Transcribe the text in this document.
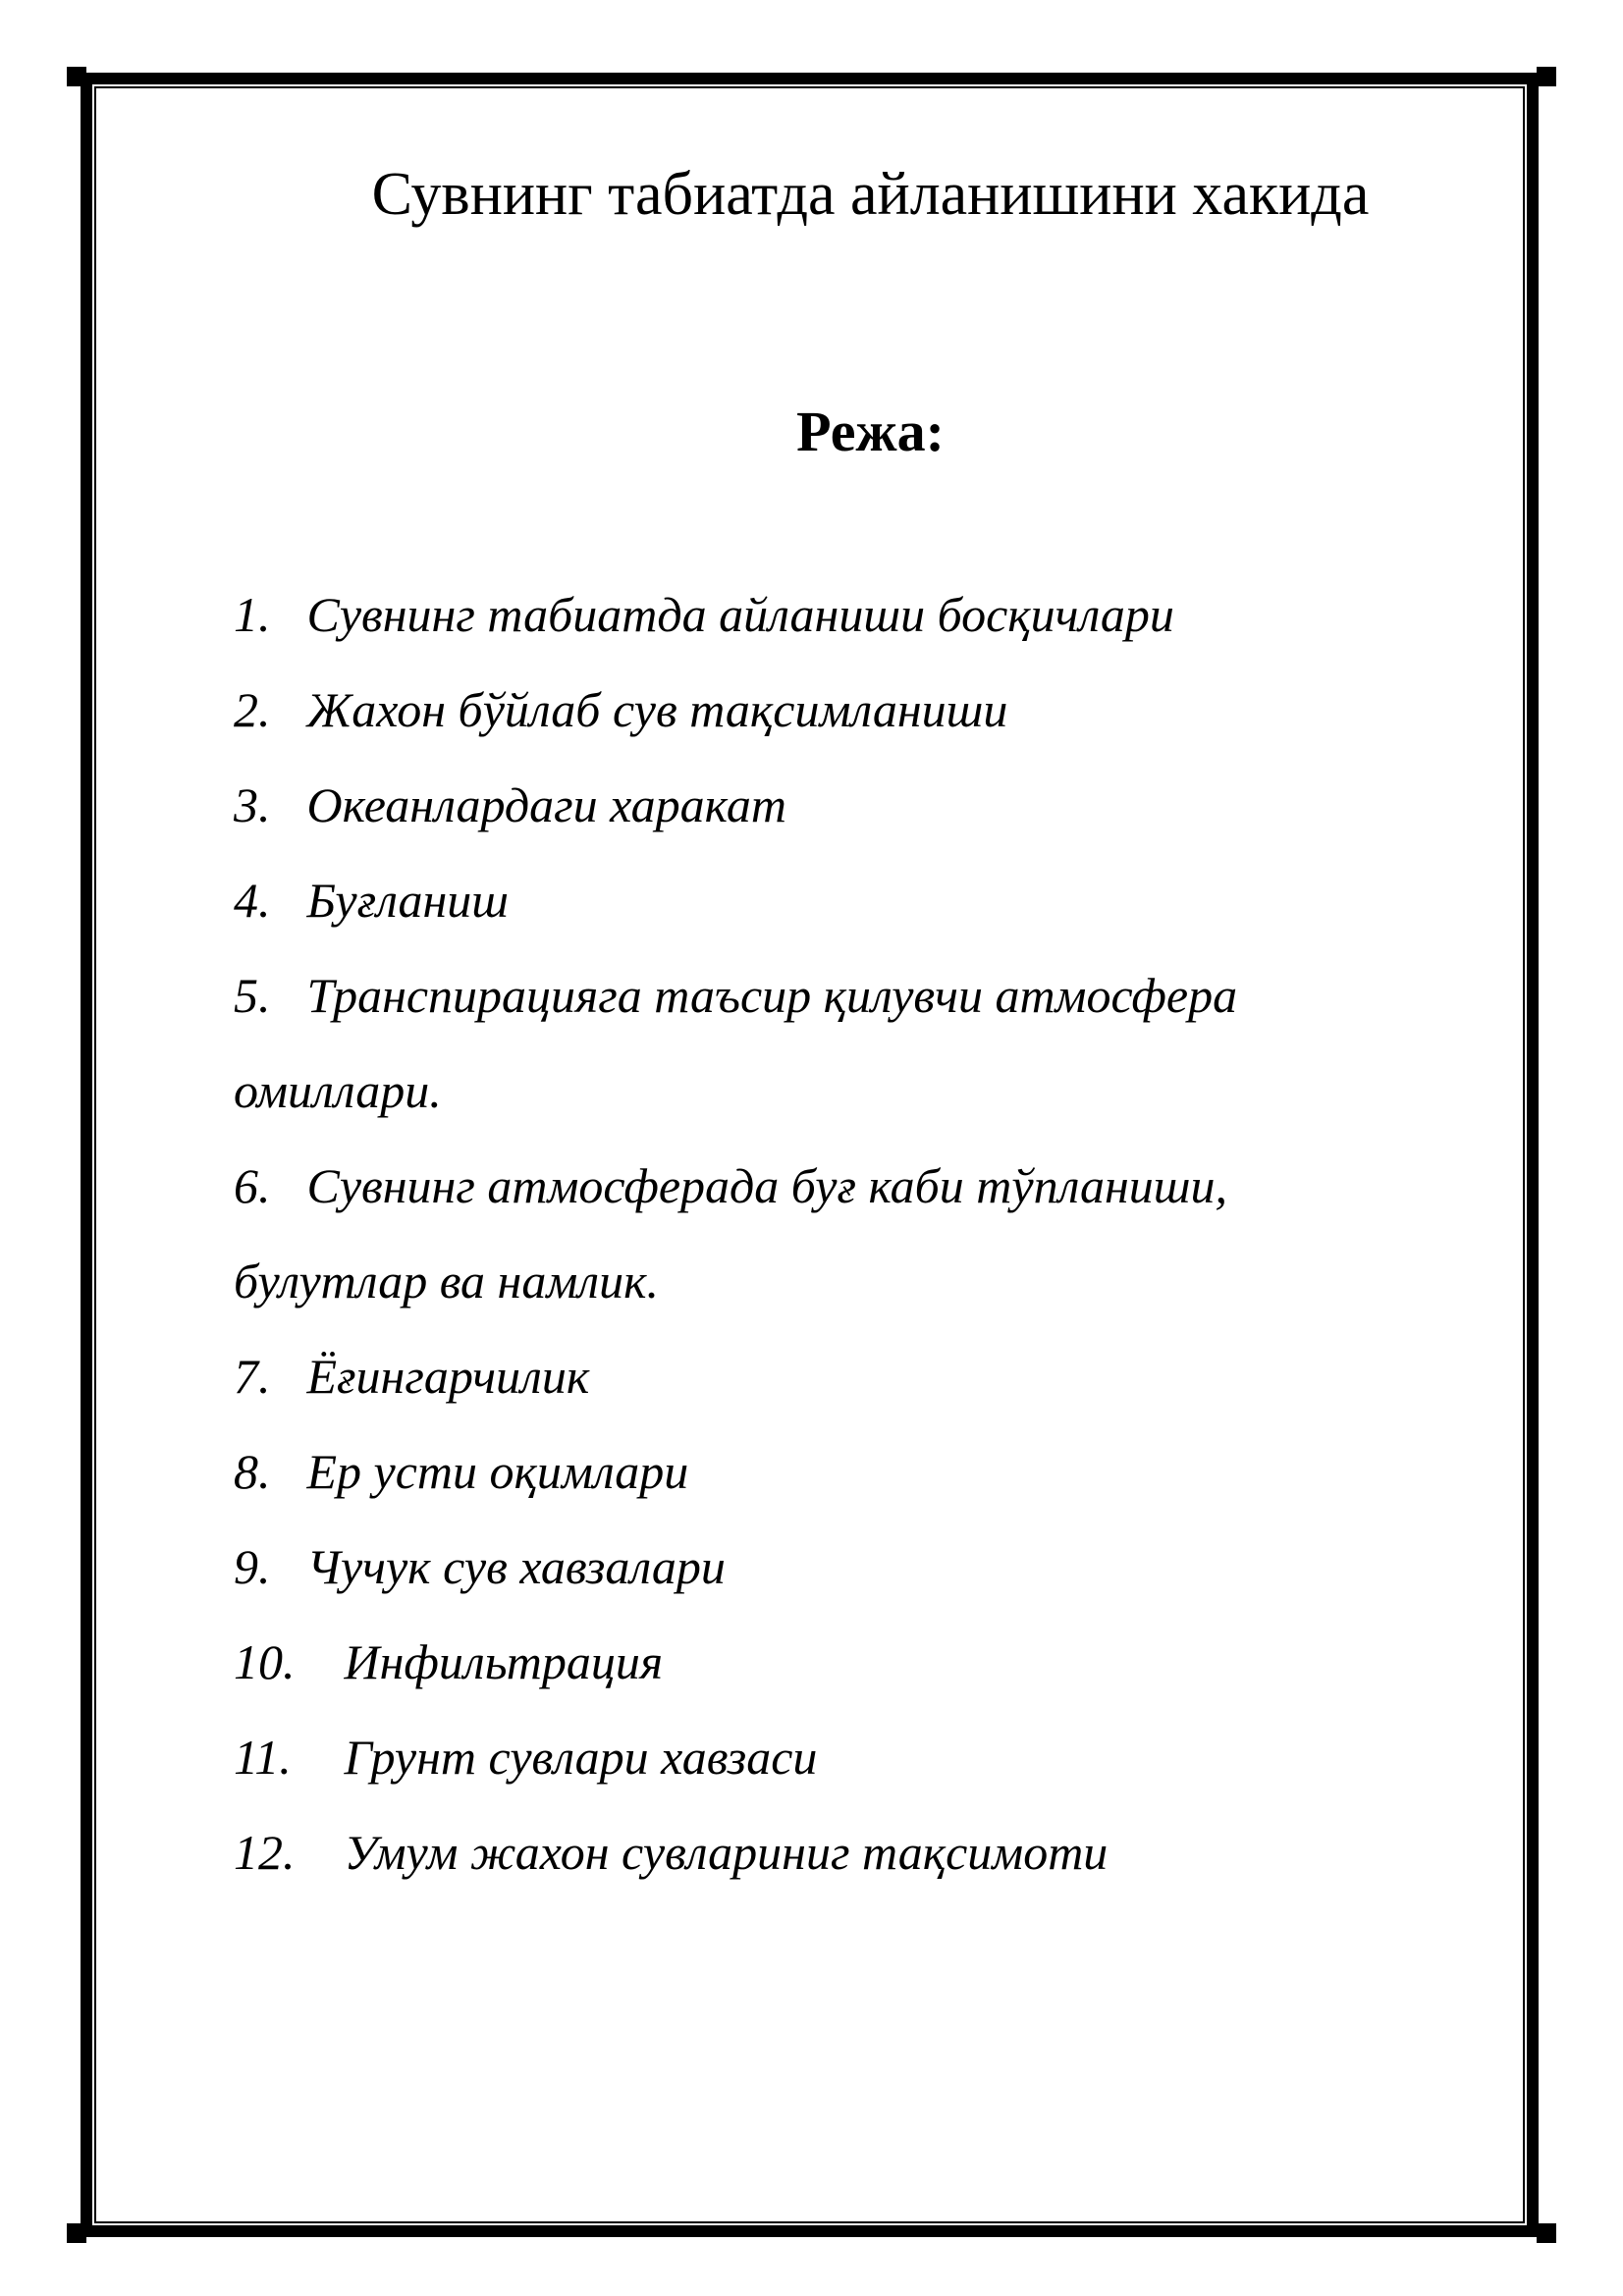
Сувнинг табиатда айланишини хакида
Режа:
1. Сувнинг табиатда айланиши босқичлари
2. Жахон бўйлаб сув тақсимланиши
3. Океанлардаги харакат
4. Буғланиш
5. Транспирацияга таъсир қилувчи атмосфера
омиллари.
6. Сувнинг атмосферада буғ каби тўпланиши,
булутлар ва намлик.
7. Ёғингарчилик
8. Ер усти оқимлари
9. Чучук сув хавзалари
10. Инфильтрация
11. Грунт сувлари хавзаси
12. Умум жахон сувлариниг тақсимоти
